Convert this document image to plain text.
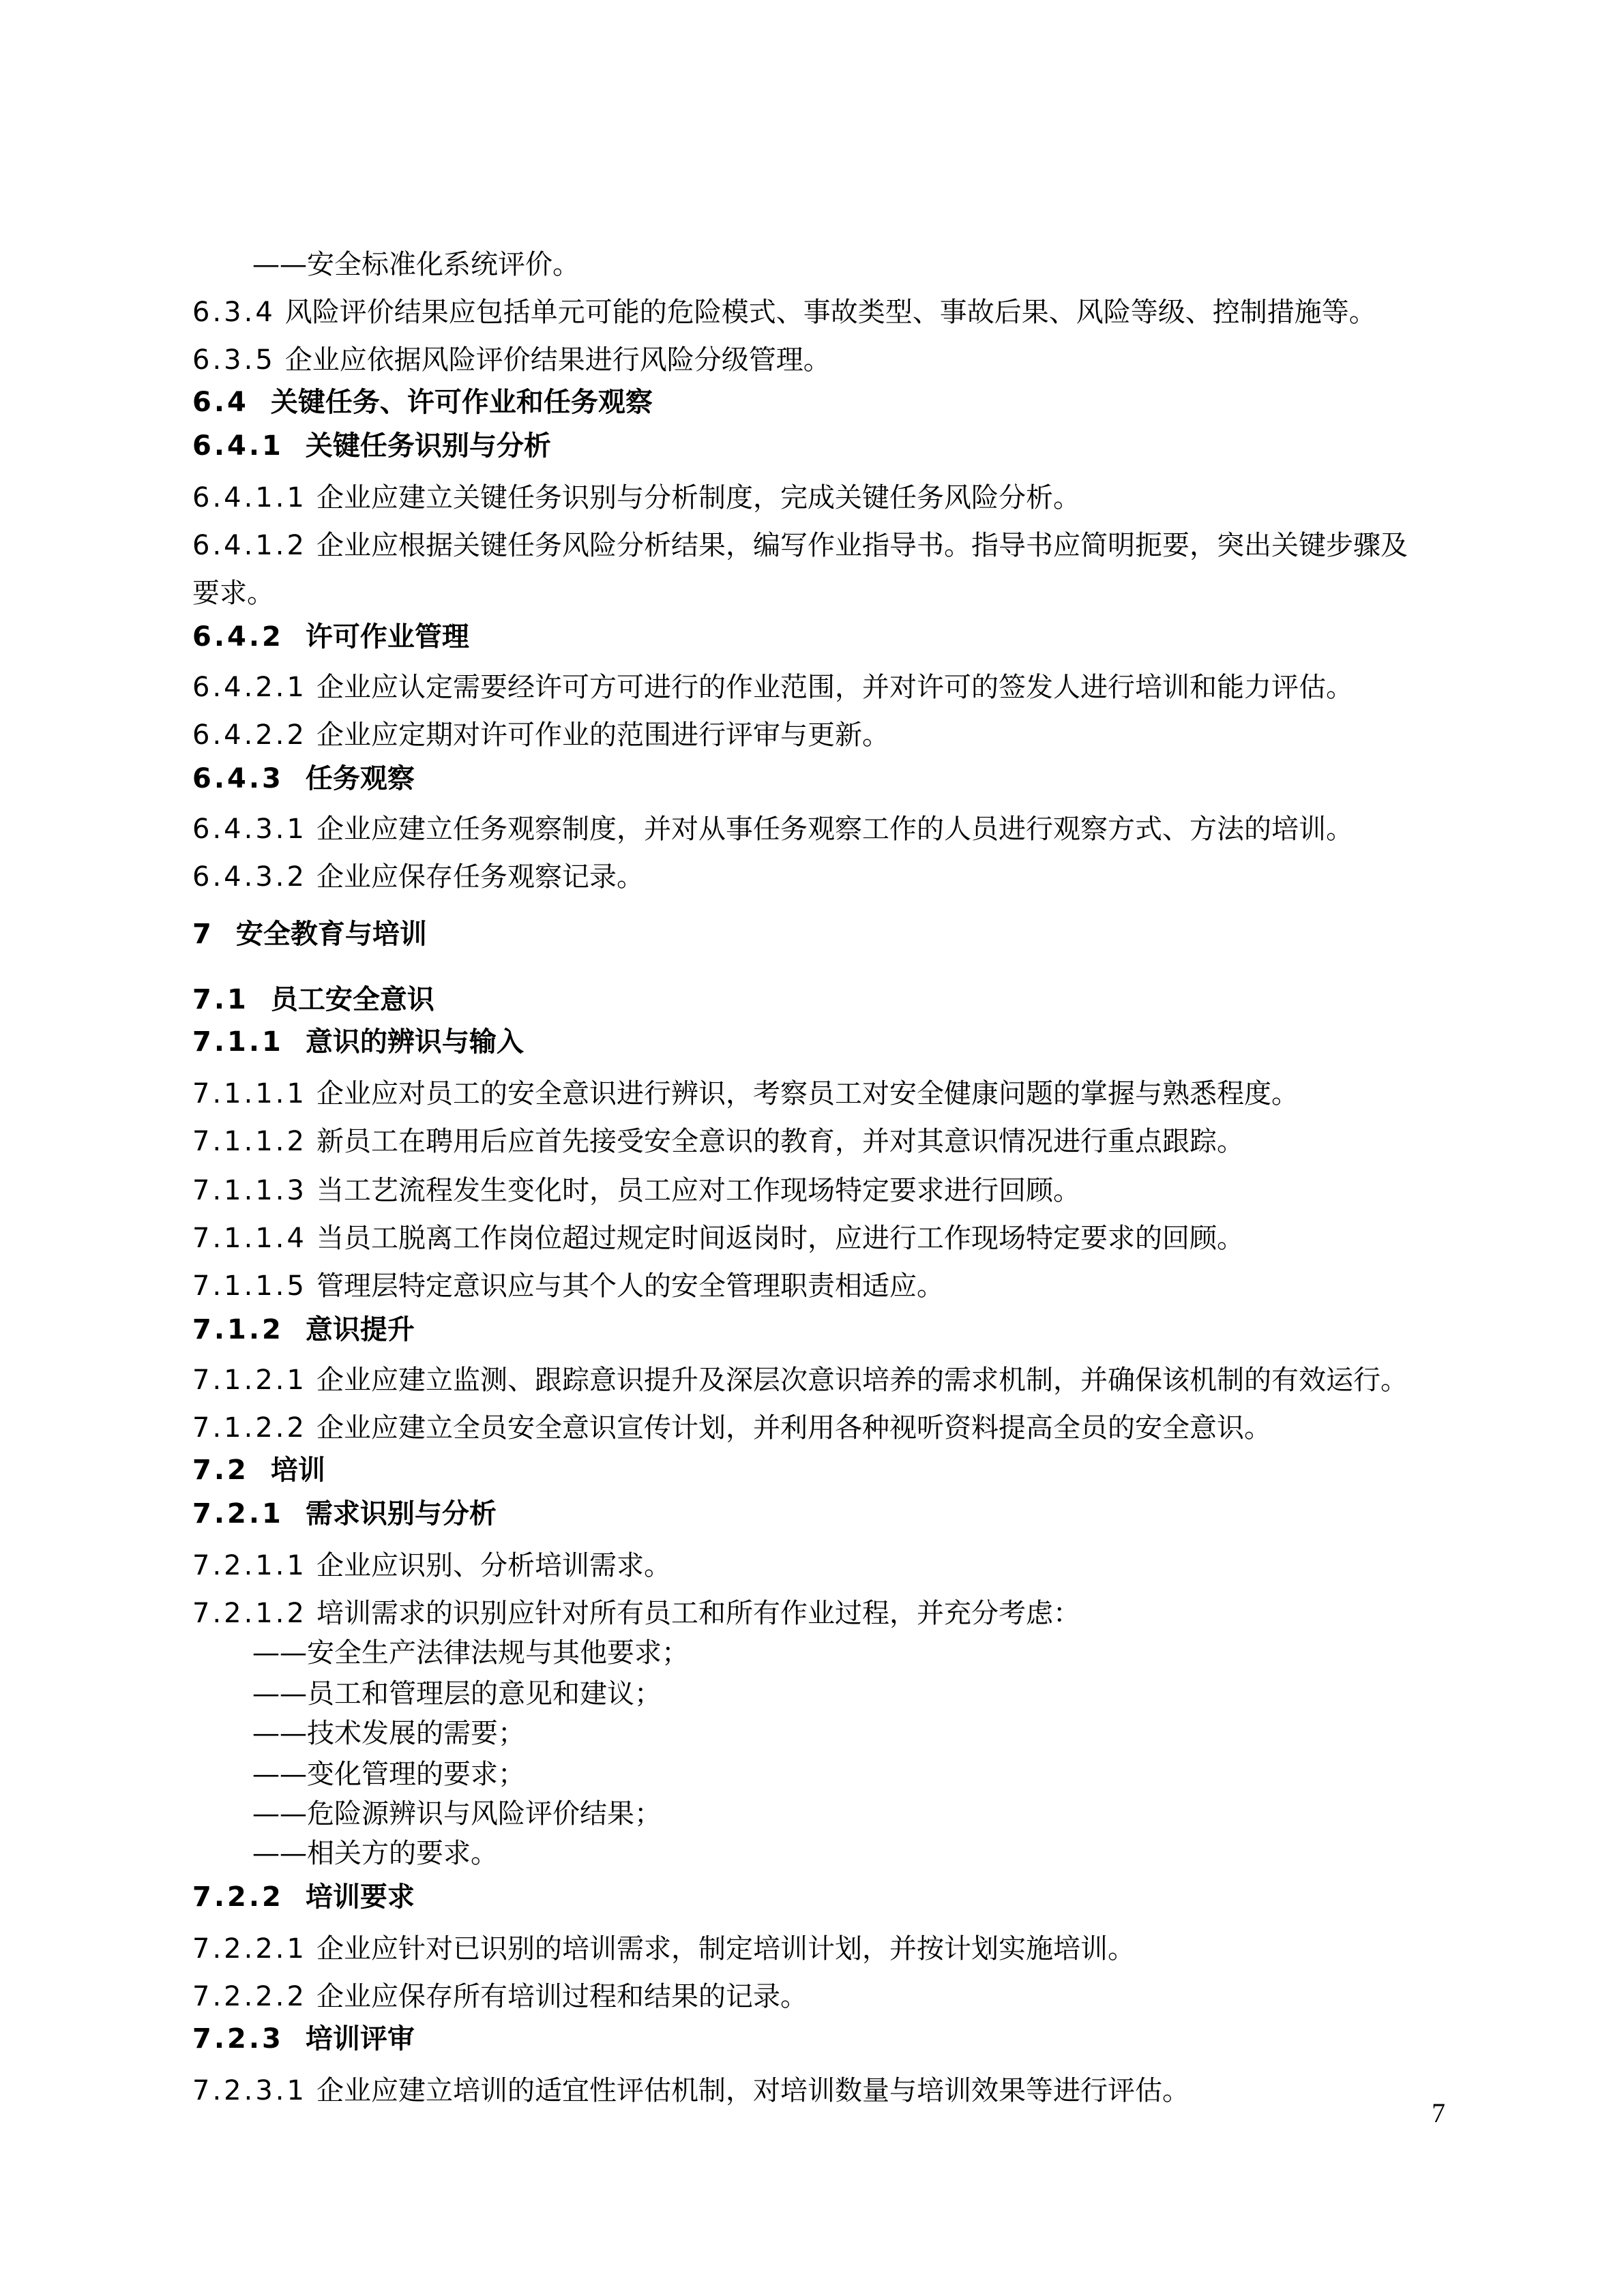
——安全标准化系统评价。
6.3.4 风险评价结果应包括单元可能的危险模式、事故类型、事故后果、风险等级、控制措施等。
6.3.5 企业应依据风险评价结果进行风险分级管理。
6.4 关键任务、许可作业和任务观察
6.4.1 关键任务识别与分析
6.4.1.1 企业应建立关键任务识别与分析制度，完成关键任务风险分析。
6.4.1.2 企业应根据关键任务风险分析结果，编写作业指导书。指导书应简明扼要，突出关键步骤及
要求。
6.4.2 许可作业管理
6.4.2.1 企业应认定需要经许可方可进行的作业范围，并对许可的签发人进行培训和能力评估。
6.4.2.2 企业应定期对许可作业的范围进行评审与更新。
6.4.3 任务观察
6.4.3.1 企业应建立任务观察制度，并对从事任务观察工作的人员进行观察方式、方法的培训。
6.4.3.2 企业应保存任务观察记录。
7 安全教育与培训
7.1 员工安全意识
7.1.1 意识的辨识与输入
7.1.1.1 企业应对员工的安全意识进行辨识，考察员工对安全健康问题的掌握与熟悉程度。
7.1.1.2 新员工在聘用后应首先接受安全意识的教育，并对其意识情况进行重点跟踪。
7.1.1.3 当工艺流程发生变化时，员工应对工作现场特定要求进行回顾。
7.1.1.4 当员工脱离工作岗位超过规定时间返岗时，应进行工作现场特定要求的回顾。
7.1.1.5 管理层特定意识应与其个人的安全管理职责相适应。
7.1.2 意识提升
7.1.2.1 企业应建立监测、跟踪意识提升及深层次意识培养的需求机制，并确保该机制的有效运行。
7.1.2.2 企业应建立全员安全意识宣传计划，并利用各种视听资料提高全员的安全意识。
7.2 培训
7.2.1 需求识别与分析
7.2.1.1 企业应识别、分析培训需求。
7.2.1.2 培训需求的识别应针对所有员工和所有作业过程，并充分考虑：
——安全生产法律法规与其他要求；
——员工和管理层的意见和建议；
——技术发展的需要；
——变化管理的要求；
——危险源辨识与风险评价结果；
——相关方的要求。
7.2.2 培训要求
7.2.2.1 企业应针对已识别的培训需求，制定培训计划，并按计划实施培训。
7.2.2.2 企业应保存所有培训过程和结果的记录。
7.2.3 培训评审
7.2.3.1 企业应建立培训的适宜性评估机制，对培训数量与培训效果等进行评估。
7
